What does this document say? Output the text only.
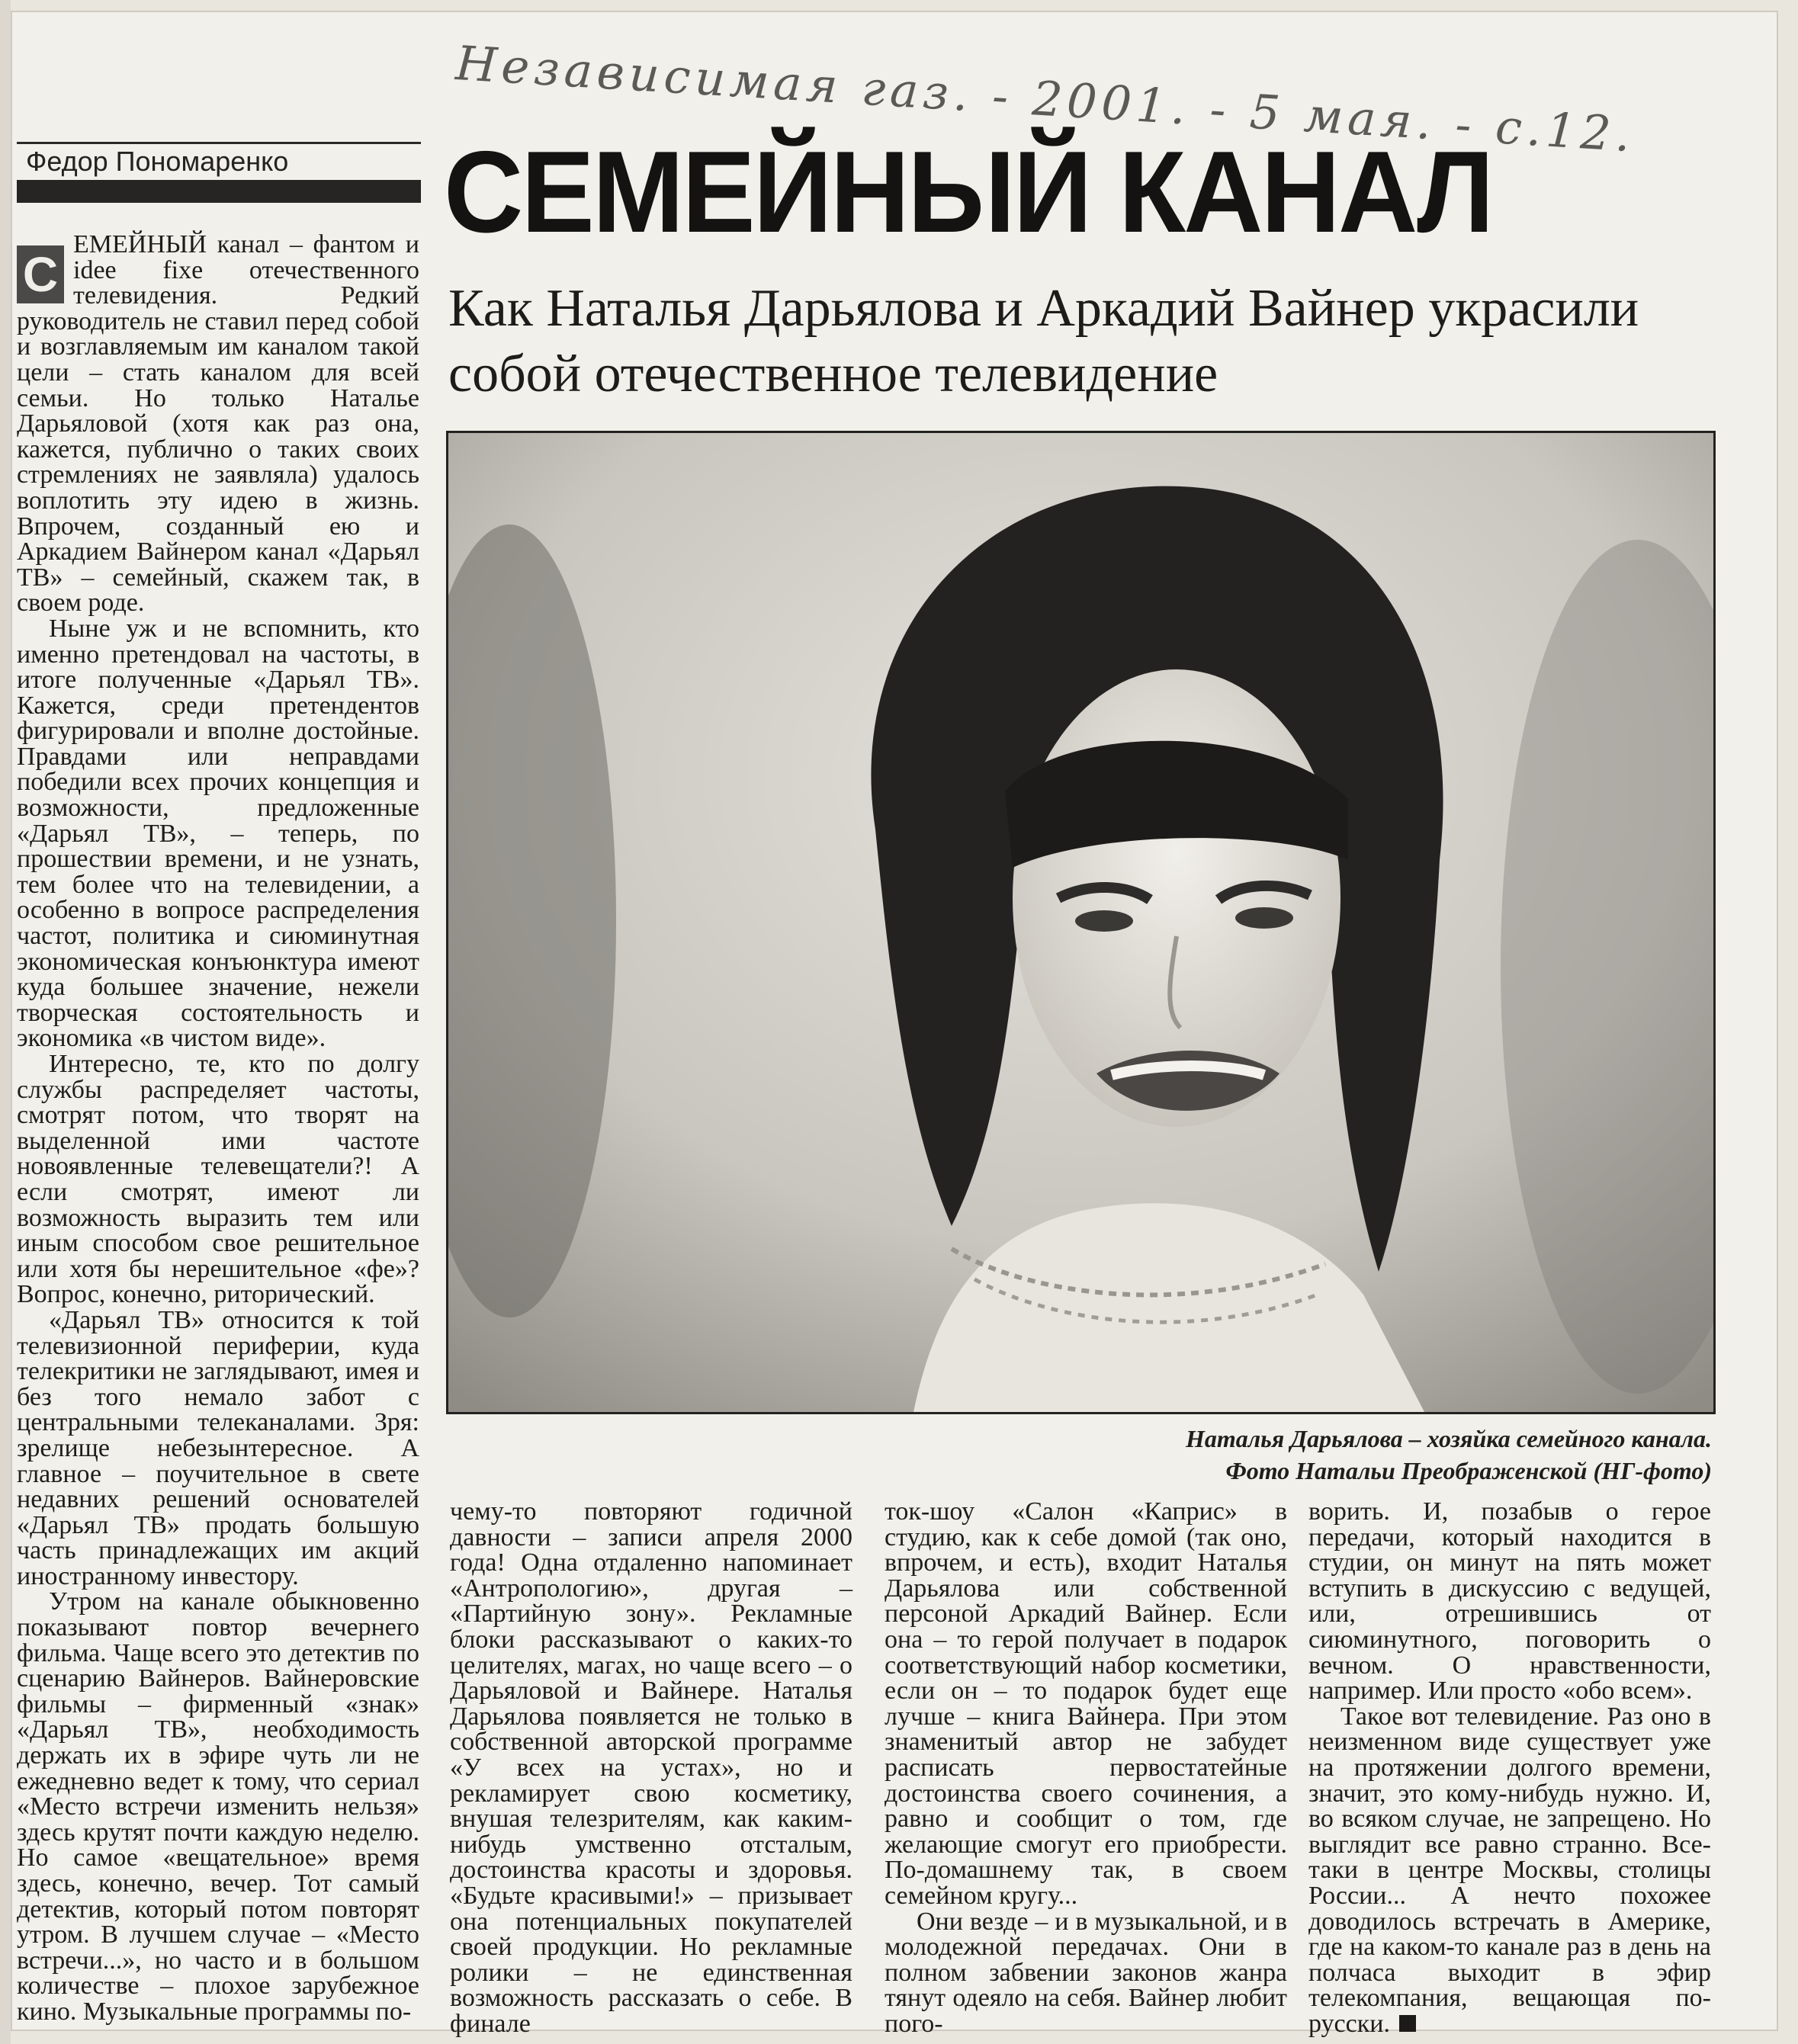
Независимая газ. - 2001. - 5 мая. - с.12.
Федор Пономаренко	СЕМЕЙНЫЙ КАНАЛ
Как Наталья Дарьялова и Аркадий Вайнер украсили собой отечественное телевидение
Наталья Дарьялова – хозяйка семейного канала.
Фото Натальи Преображенской (НГ-фото)

С
ЕМЕЙНЫЙ канал – фантом и idee fixe отечественного телевидения. Редкий руководитель не ставил перед собой и возглавляемым им каналом такой цели – стать каналом для всей семьи. Но только Наталье Дарьяловой (хотя как раз она, кажется, публично о таких своих стремлениях не заявляла) удалось воплотить эту идею в жизнь. Впрочем, созданный ею и Аркадием Вайнером канал «Дарьял ТВ» – семейный, скажем так, в своем роде.

Ныне уж и не вспомнить, кто именно претендовал на частоты, в итоге полученные «Дарьял ТВ». Кажется, среди претендентов фигурировали и вполне достойные. Правдами или неправдами победили всех прочих концепция и возможности, предложенные «Дарьял ТВ», – теперь, по прошествии времени, и не узнать, тем более что на телевидении, а особенно в вопросе распределения частот, политика и сиюминутная экономическая конъюнктура имеют куда большее значение, нежели творческая состоятельность и экономика «в чистом виде».

Интересно, те, кто по долгу службы распределяет частоты, смотрят потом, что творят на выделенной ими частоте новоявленные телевещатели?! А если смотрят, имеют ли возможность выразить тем или иным способом свое решительное или хотя бы нерешительное «фе»? Вопрос, конечно, риторический.

«Дарьял ТВ» относится к той телевизионной периферии, куда телекритики не заглядывают, имея и без того немало забот с центральными телеканалами. Зря: зрелище небезынтересное. А главное – поучительное в свете недавних решений основателей «Дарьял ТВ» продать большую часть принадлежащих им акций иностранному инвестору.

Утром на канале обыкновенно показывают повтор вечернего фильма. Чаще всего это детектив по сценарию Вайнеров. Вайнеровские фильмы – фирменный «знак» «Дарьял ТВ», необходимость держать их в эфире чуть ли не ежедневно ведет к тому, что сериал «Место встречи изменить нельзя» здесь крутят почти каждую неделю. Но самое «вещательное» время здесь, конечно, вечер. Тот самый детектив, который потом повторят утром. В лучшем случае – «Место встречи...», но часто и в большом количестве – плохое зарубежное кино. Музыкальные программы по-

чему-то повторяют годичной давности – записи апреля 2000 года! Одна отдаленно напоминает «Антропологию», другая – «Партийную зону». Рекламные блоки рассказывают о каких-то целителях, магах, но чаще всего – о Дарьяловой и Вайнере. Наталья Дарьялова появляется не только в собственной авторской программе «У всех на устах», но и рекламирует свою косметику, внушая телезрителям, как каким-нибудь умственно отсталым, достоинства красоты и здоровья. «Будьте красивыми!» – призывает она потенциальных покупателей своей продукции. Но рекламные ролики – не единственная возможность рассказать о себе. В финале

ток-шоу «Салон «Каприс» в студию, как к себе домой (так оно, впрочем, и есть), входит Наталья Дарьялова или собственной персоной Аркадий Вайнер. Если она – то герой получает в подарок соответствующий набор косметики, если он – то подарок будет еще лучше – книга Вайнера. При этом знаменитый автор не забудет расписать первостатейные достоинства своего сочинения, а равно и сообщит о том, где желающие смогут его приобрести. По-домашнему так, в своем семейном кругу...

Они везде – и в музыкальной, и в молодежной передачах. Они в полном забвении законов жанра тянут одеяло на себя. Вайнер любит пого-

ворить. И, позабыв о герое передачи, который находится в студии, он минут на пять может вступить в дискуссию с ведущей, или, отрешившись от сиюминутного, поговорить о вечном. О нравственности, например. Или просто «обо всем».

Такое вот телевидение. Раз оно в неизменном виде существует уже на протяжении долгого времени, значит, это кому-нибудь нужно. И, во всяком случае, не запрещено. Но выглядит все равно странно. Все-таки в центре Москвы, столицы России... А нечто похожее доводилось встречать в Америке, где на каком-то канале раз в день на полчаса выходит в эфир телекомпания, вещающая по-русски.
